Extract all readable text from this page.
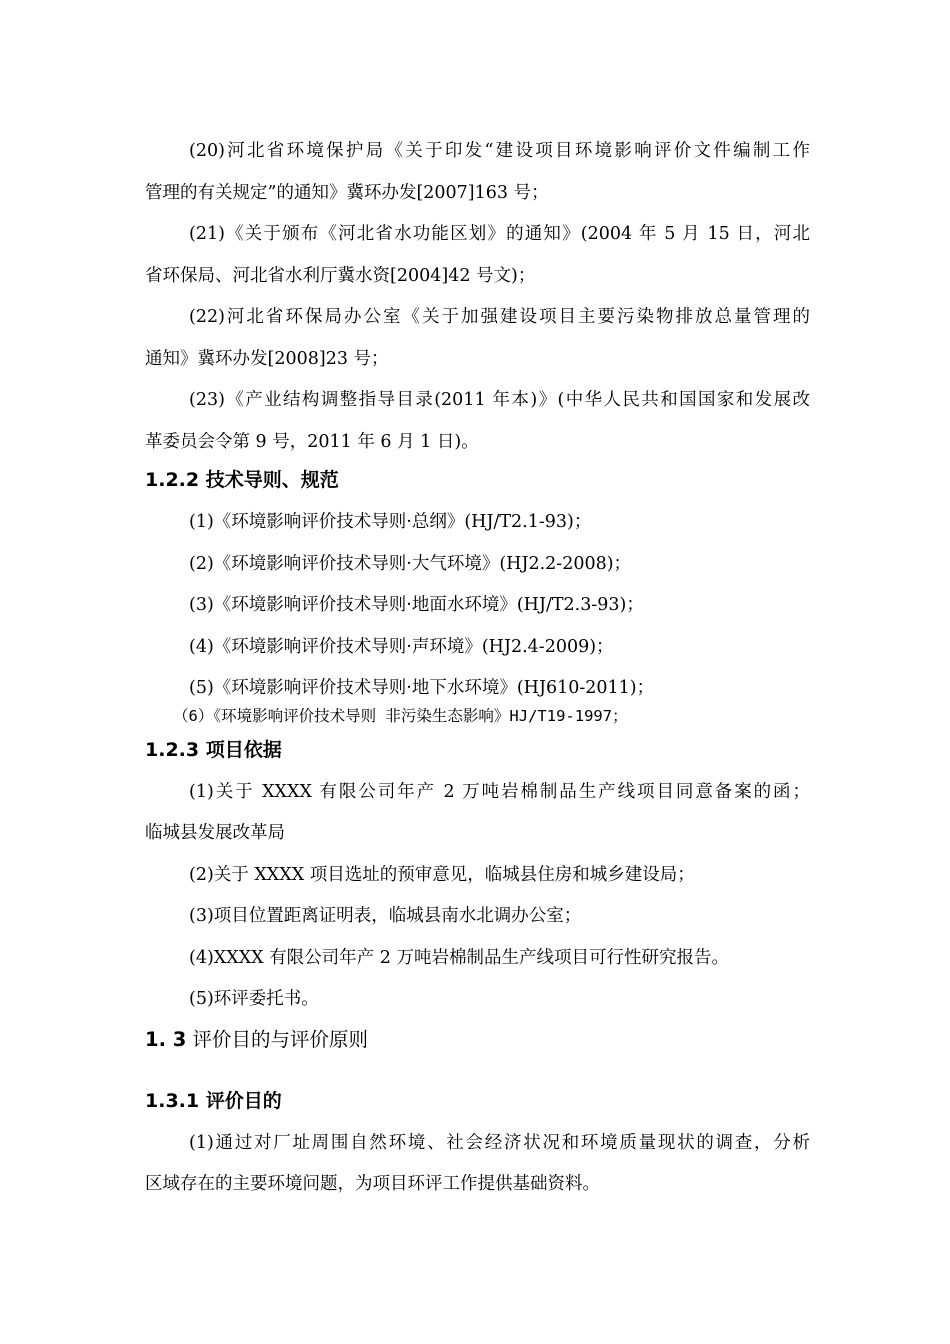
(20)河北省环境保护局《关于印发“建设项目环境影响评价文件编制工作
管理的有关规定”的通知》冀环办发[2007]163 号；
(21)《关于颁布《河北省水功能区划》的通知》(2004 年 5 月 15 日，河北
省环保局、河北省水利厅冀水资[2004]42 号文)；
(22)河北省环保局办公室《关于加强建设项目主要污染物排放总量管理的
通知》冀环办发[2008]23 号；
(23)《产业结构调整指导目录(2011 年本)》(中华人民共和国国家和发展改
革委员会令第 9 号，2011 年 6 月 1 日)。
1.2.2 技术导则、规范
(1)《环境影响评价技术导则·总纲》(HJ/T2.1-93)；
(2)《环境影响评价技术导则·大气环境》(HJ2.2-2008)；
(3)《环境影响评价技术导则·地面水环境》(HJ/T2.3-93)；
(4)《环境影响评价技术导则·声环境》(HJ2.4-2009)；
(5)《环境影响评价技术导则·地下水环境》(HJ610-2011)；
（6）《环境影响评价技术导则 非污染生态影响》HJ/T19-1997；
1.2.3 项目依据
(1)关于 XXXX 有限公司年产 2 万吨岩棉制品生产线项目同意备案的函；
临城县发展改革局
(2)关于 XXXX 项目选址的预审意见，临城县住房和城乡建设局；
(3)项目位置距离证明表，临城县南水北调办公室；
(4)XXXX 有限公司年产 2 万吨岩棉制品生产线项目可行性研究报告。
(5)环评委托书。
1. 3 评价目的与评价原则
1.3.1 评价目的
(1)通过对厂址周围自然环境、社会经济状况和环境质量现状的调查，分析
区域存在的主要环境问题，为项目环评工作提供基础资料。
